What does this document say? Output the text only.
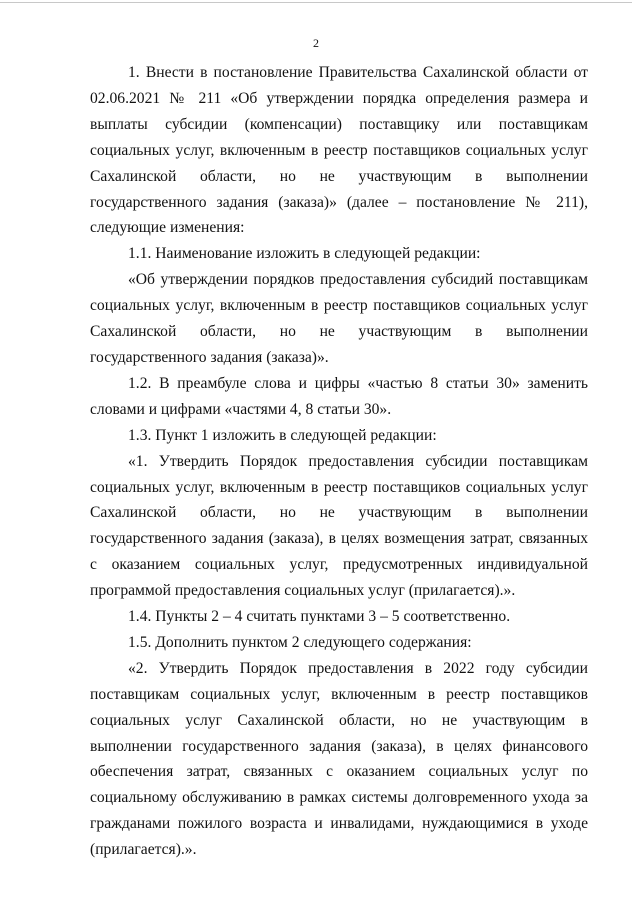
2

1. Внести в постановление Правительства Сахалинской области от 02.06.2021 № 211 «Об утверждении порядка определения размера и выплаты субсидии (компенсации) поставщику или поставщикам социальных услуг, включенным в реестр поставщиков социальных услуг Сахалинской области, но не участвующим в выполнении государственного задания (заказа)» (далее – постановление № 211), следующие изменения:

1.1. Наименование изложить в следующей редакции:

«Об утверждении порядков предоставления субсидий поставщикам социальных услуг, включенным в реестр поставщиков социальных услуг Сахалинской области, но не участвующим в выполнении государственного задания (заказа)».

1.2. В преамбуле слова и цифры «частью 8 статьи 30» заменить словами и цифрами «частями 4, 8 статьи 30».

1.3. Пункт 1 изложить в следующей редакции:

«1. Утвердить Порядок предоставления субсидии поставщикам социальных услуг, включенным в реестр поставщиков социальных услуг Сахалинской области, но не участвующим в выполнении государственного задания (заказа), в целях возмещения затрат, связанных с оказанием социальных услуг, предусмотренных индивидуальной программой предоставления социальных услуг (прилагается).».

1.4. Пункты 2 – 4 считать пунктами 3 – 5 соответственно.

1.5. Дополнить пунктом 2 следующего содержания:

«2. Утвердить Порядок предоставления в 2022 году субсидии поставщикам социальных услуг, включенным в реестр поставщиков социальных услуг Сахалинской области, но не участвующим в выполнении государственного задания (заказа), в целях финансового обеспечения затрат, связанных с оказанием социальных услуг по социальному обслуживанию в рамках системы долговременного ухода за гражданами пожилого возраста и инвалидами, нуждающимися в уходе (прилагается).».
